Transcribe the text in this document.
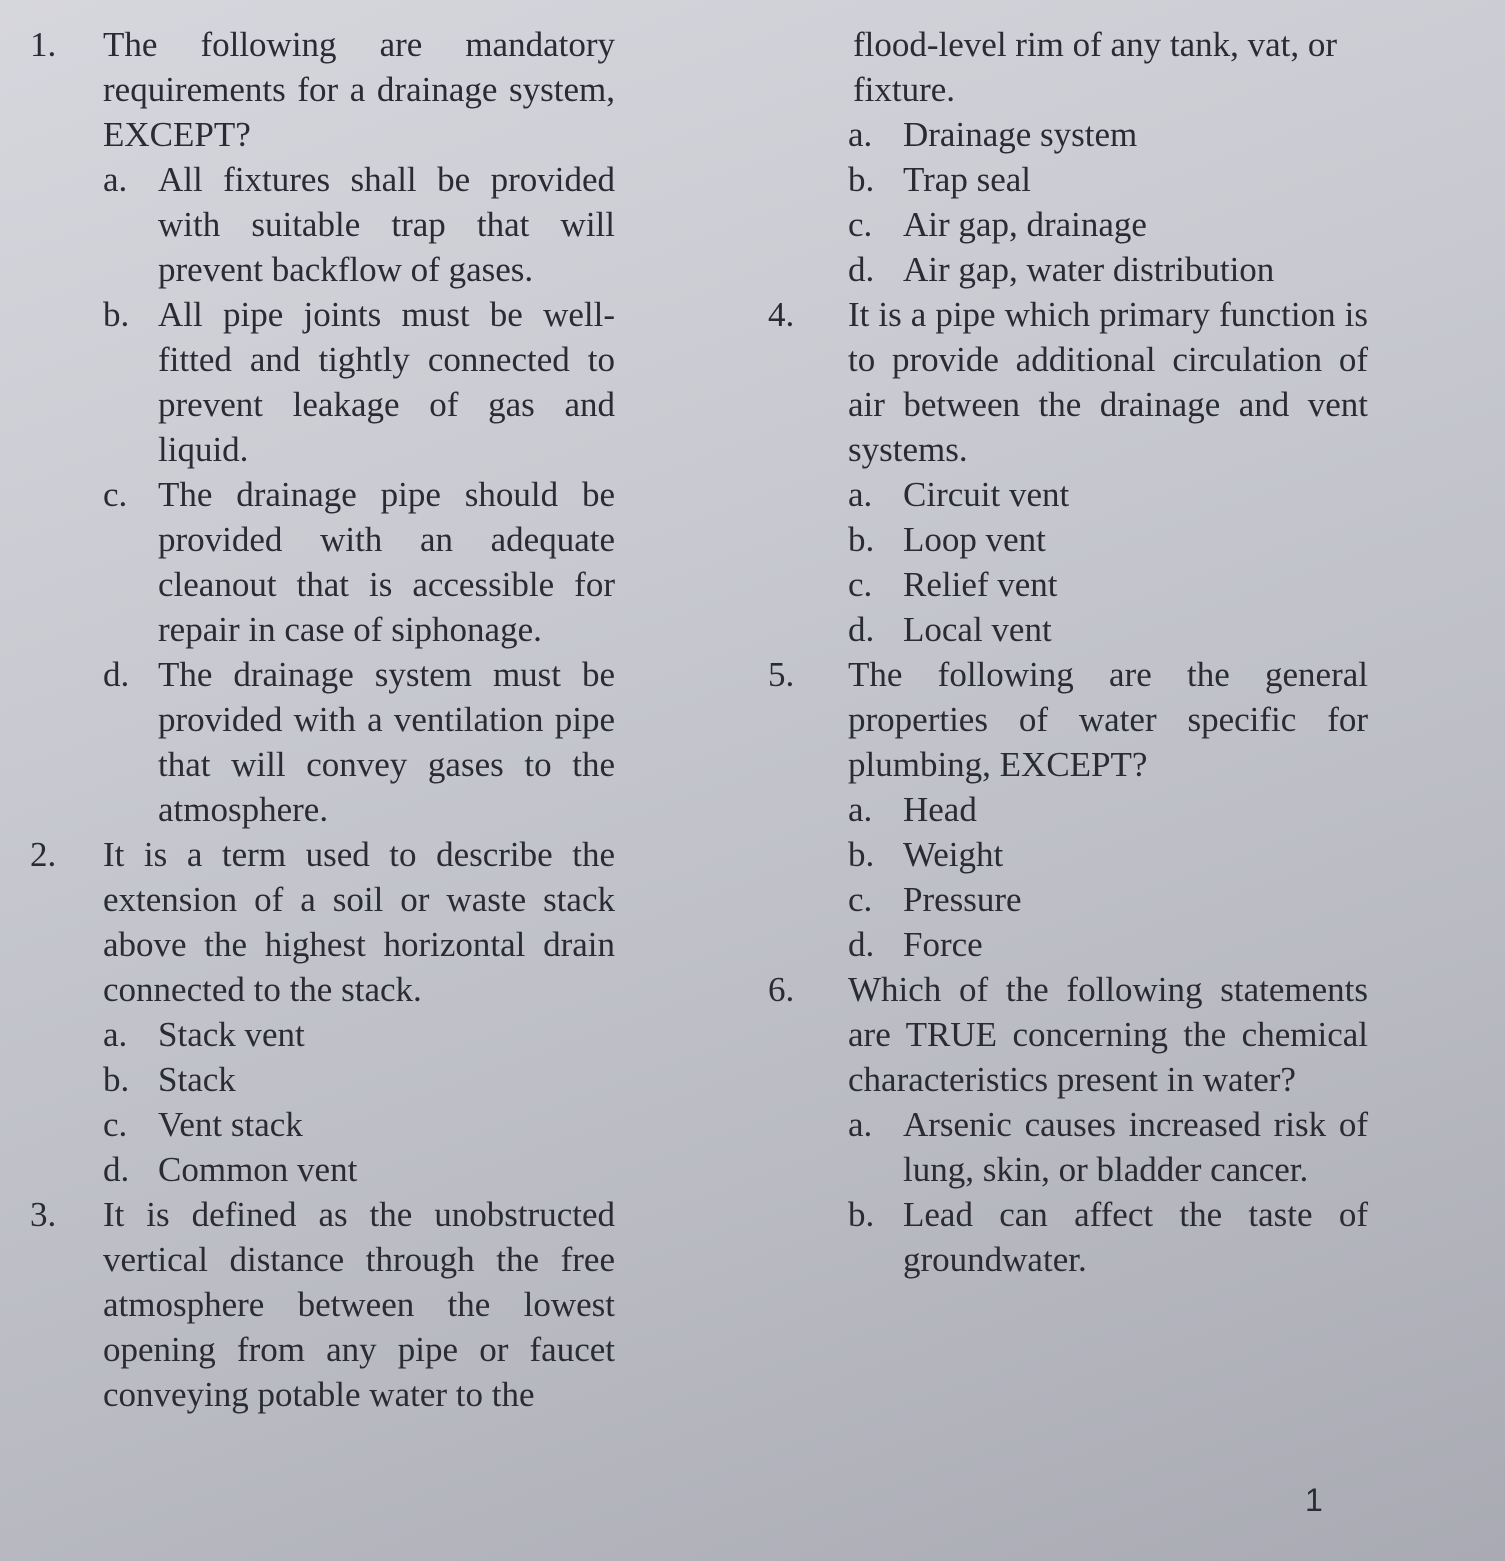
1.	The following are mandatory requirements for a drainage system, EXCEPT?
a. All fixtures shall be provided with suitable trap that will prevent backflow of gases.
b. All pipe joints must be well-fitted and tightly connected to prevent leakage of gas and liquid.
c. The drainage pipe should be provided with an adequate cleanout that is accessible for repair in case of siphonage.
d. The drainage system must be provided with a ventilation pipe that will convey gases to the atmosphere.
2.	It is a term used to describe the extension of a soil or waste stack above the highest horizontal drain connected to the stack.
a. Stack vent
b. Stack
c. Vent stack
d. Common vent
3.	It is defined as the unobstructed vertical distance through the free atmosphere between the lowest opening from any pipe or faucet conveying potable water to the
flood-level rim of any tank, vat, or fixture.
a. Drainage system
b. Trap seal
c. Air gap, drainage
d. Air gap, water distribution
4.	It is a pipe which primary function is to provide additional circulation of air between the drainage and vent systems.
a. Circuit vent
b. Loop vent
c. Relief vent
d. Local vent
5.	The following are the general properties of water specific for plumbing, EXCEPT?
a. Head
b. Weight
c. Pressure
d. Force
6.	Which of the following statements are TRUE concerning the chemical characteristics present in water?
a. Arsenic causes increased risk of lung, skin, or bladder cancer.
b. Lead can affect the taste of groundwater.
1
